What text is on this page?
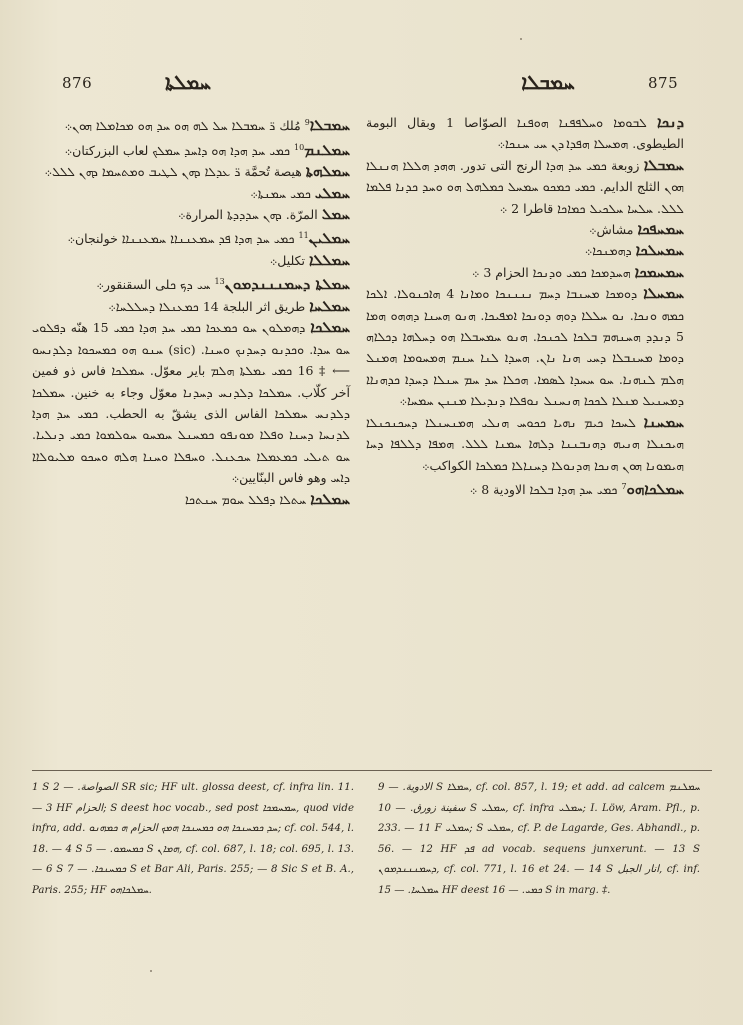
876	ܚܡܠܬܐ	ܚܡܒܠܐ	875

ܚܡܒܠܐ$^9$ مُلك ܪ̈ ܚܡܒܠܐ ܚܠ ܠܗ ܗܘ ܚܕ ܗܘ ܡܟܐܡܠܐ ܗܘܢ܀

ܚܡܠܢܡ$^{10}$ ܟܡܝ ܚܕ ܗܕܐ ܗܘ ܕܐܚܕ ܚܡܠܟ لعاب البزركتان܀

ܚܡܠܗܬܐ هيصة تُحمَّة ܪ̈ ܥܕܠܐ ܕܗܢ ܠܛܝܒ ܘܡܬܚܡܐ ܕܗܢ ܠܠܠ܀

ܚܡܠܝ ܟܡܝ ܚܡܢܬܐ܀

ܚܡܠ المرّة. ܕܗܢ ܚܕܕܕܬܐ المرارة܀

ܚܡܠܝܢ$^{11}$ ܟܡܝ ܚܕ ܗܕܐ ܦܕ ܚܡܥܢܢܐܐ ܚܡܥܢܢܐܐ خولنجان܀

ܚܡܠܠܐ تكليل܀

ܚܡܠܬܐ ܕܚܡܢܢܢܕܡܘܢ$^{13}$ ܚܝ ܕܟ ܟلى السقنقور܀

ܚܡܠܚܐ طريق اثر البلجة 14 ܟܡܥܢܠܐ ܕܚܠܠܚܐ܀

ܚܡܠܟܐ ܕܗܡܠܘܢ ܚܘ ܟܡܥܟܐ ܟܡܝ ܚܕ ܗܕܐ ܟܡܝ 15 هنّه ܕܦܠܘܝ ܚܘ ܚܕܐ. ܘܟܕܢܘ ܕܚܕܢܟ ܘܚܢܐ. (sic) ܚܢܘ ܗܘ ܟܡܚܟܘܐ ܕܠܕܢܚܘ ⟵ ‡ 16 ܟܡܝ ܝܡܠܬܐ ܗܠܡ باير معوّل. ܚܡܠܟܐ فاس ذو فمين آخر كلّاب. ܚܡܠܟܐ ܕܠܕܢܚ ܕܚܕܢܐ معوّل وجاء به خنين. ܚܡܠܟܐ ܕܠܕܢܚ ܚܡܠܟܐ الفاس الذى يشقّ به الحطب. ܟܡܝ ܚܕ ܗܕܐ ܠܕܢܚܐ ܕܚܢܐ ܘܦܠܐ ܡܘܢܦܘ ܟܡܚܢܠ ܚܡܚܘ ܚܘܠܡܘܐ ܟܡܝ ܕܢܠܝܐ. ܚܘ ܬܝܠܝ ܟܡܥܡܠܐ ܚܟܥܢܠ. ܘܚܦܠܐ ܘܚܢܐ ܗܠܗ ܘܚܟܘ ܡܠܝܘܠܐܐ ܕܐܚ وهو فاس البنّايين܀

ܚܡܠܟܐ ܚܬܠܐ ܕܦܠܠ ܚܘܡ ܚܢܬܟܐ

ܕܢܟܐ ܠܒܘܡܐ ܘܚܠܦܦܢܐ ܗܘܦܢܐ الصوّاصا 1 وبقال البومة الطيطوى. ܗܡܚܠܐ ܗܦܕܐ ܕܢ ܚܝ ܚܢܟܐ܀

ܚܡܒܠܐ زوبعة ܟܡܝ ܚܕ ܗܕܐ الرنج التى تدور. ܗܗܕ ܗܠܠܐ ܗܢܢܠܐ ܗܘܢ الثلج الدايم. ܟܡܝ ܟܡܟܘ ܚܡܚܠ ܟܡܠܗܠ ܗܘ ܘܚܕ ܟܕܢܐ ܦܠܡܐ ܠܠܠ. ܚܠܚܐ ܚܠܟܝܠ ܟܡܐܟܐ قاطرا 2 ܀

ܚܡܚܦܟܐ مشاش܀

ܚܡܚܠܟܐ ܕܗܡܢܟܐ܀

ܚܡܚܡܟܐ ܗܚܕܡܟܐ ܟܡܝ ܘܕܢܟܐ الحزام 3 ܀

ܚܡܚܠܐ ܕܘܡܟܐ ܡܚܢܒܐ ܕܚܡ ܢܢܢܢܟܐ ܘܡܐܢܐ 4 ܗܐܟܢܘܠܐ. ܐܠܟܐ ܟܡܗ ܘܢܟܐ. ܢܘ ܚܠܠܐ ܕܘܗ ܕܘܢܟܐ ܐܡܦܝܟܐ. ܗܢܘ ܗܚܢܐ ܕܗܗܘ ܗܡܐ 5 ܕܢܕܕ ܗܚܢܗܡ ܒܠܟܐ ܠܟܢܟܐ. ܗܢܘ ܚܡܚܒܠܐ ܗܘ ܕܚܠܗܐ ܕܟܠܐܗ ܕܘܡܐ ܡܚܢܒܠܐ ܕܚܝ ܗܢܐ ܢܐܢ. ܗܚܕܐ ܠܢܐ ܚܢܡ ܗܡܚܘܡܐ ܗܡܢܠ ܗܠܡ ܠܢܗܢܐ. ܚܘ ܚܚܕܐ ܠܣܡܐ. ܗܟܠܐ ܚܕ ܚܡ ܚܢܠܐ ܕܚܕܐ ܟܕܗܢܐܐ ܕܡܚܢܝܠ ܡܢܠܐ ܠܟܟܐ ܗܢܚܢܠ ܢܘܦܠܐ ܕܢܕܝܠܐ ܡܢܢܢ ܚܡܚܐ܀

ܚܡܚܢܐ ܠܚܟܐ ܟܝܡ ܢܗܝܐ ܟܟܘܚ ܗܢܠܝ ܗܡܢܚܢܠܐ ܕܚܟܢܟܢܠܐ ܗܝܟܢܠܐ ܗܢܝܗ ܕܗܢܒܢܢܐ ܕܠܗܐ ܚܡܢܐ ܠܠܠ. ܗܡܦܐ ܕܠܠܦܐ ܕܚܐ ܗܝܡܘܢܐ ܗܘܢ ܗܢܟܐ ܗܕܢܘܠܐ ܕܚܢܐܠܐ ܟܡܠܟܐ الكواكب܀

ܚܡܠܟܐܗܘ$^7$ ܟܡܝ ܚܕ ܗܕܐ ܒܠܟܐ الاودية 8 ܀

1 S الصواصة. — 2 SR sic; HF ult. glossa deest, cf. infra lin. 11. — 3 HF الحزام; S deest hoc vocab., sed post ܚܡܚܡܟܐ, quod vide infra, add. ܚܕ ܟܡܚܢܟܐ ܗܘ ܟܡܚܢܟܐ ܗܡܟ الحزام ܗ ܟܡܗܢܘ; cf. col. 544, l. 18. — 4 S ܟܡܚܡܘ. — 5 S ܗܡܐܢ, cf. col. 687, l. 18; col. 695, l. 13. — 6 S ܟܡܚܢܟܐ. — 7 S et Bar Ali, Paris. 255; — 8 Sic S et B. A., Paris. 255; HF ܚܡܠܟܐܗܘ.
الادوية. — 9 S ܚܡܠܐ, cf. col. 857, l. 19; et add. ad calcem ܚܡܠܢܡ سفينة زورق. — 10 S ܚܡܠܝ, cf. infra ܚܡܠܝ; I. Löw, Aram. Pfl., p. 233. — 11 F ܚܡܠܝ; S ܚܡܠܝ, cf. P. de Lagarde, Ges. Abhandl., p. 56. — 12 HF ܦܕ ad vocab. sequens junxerunt. — 13 S ܕܚܡܢܢܢܕܡܘܢ, cf. col. 771, l. 16 et 24. — 14 S انار الجبل, cf. inf. ܚܡܠܚܐ. — 15 HF deest ܟܡܝ. — 16 S in marg. ‡.
